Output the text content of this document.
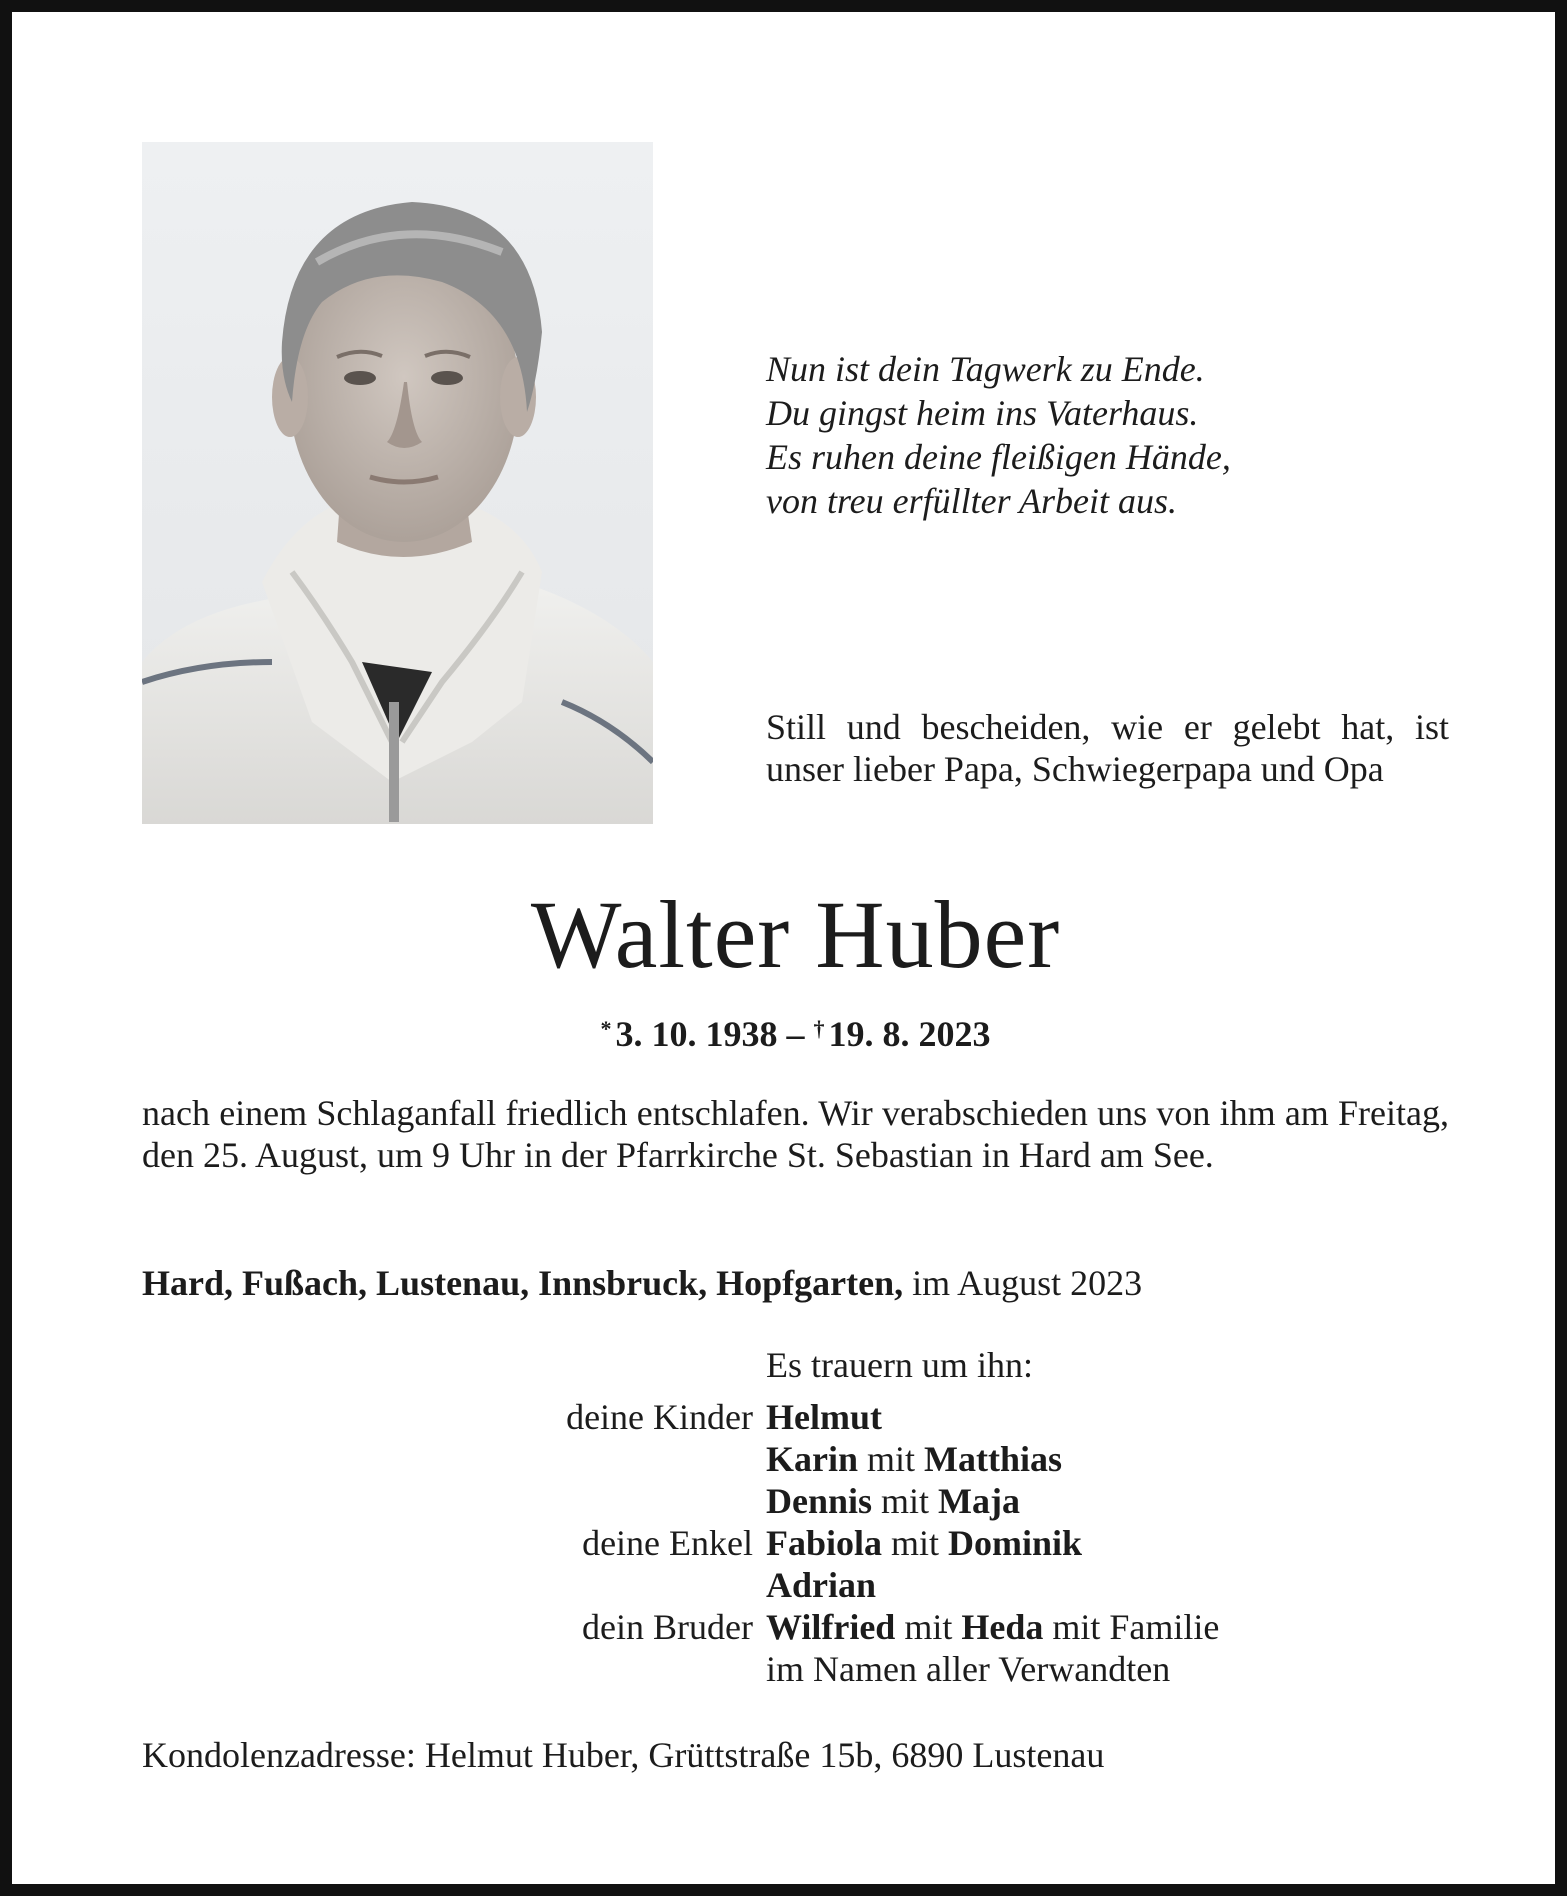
Nun ist dein Tagwerk zu Ende.
Du gingst heim ins Vaterhaus.
Es ruhen deine fleißigen Hände,
von treu erfüllter Arbeit aus.
Still und bescheiden, wie er gelebt hat, ist unser lieber Papa, Schwiegerpapa und Opa
Walter Huber
* 3. 10. 1938 – † 19. 8. 2023
nach einem Schlaganfall friedlich entschlafen. Wir verabschieden uns von ihm am Freitag, den 25. August, um 9 Uhr in der Pfarrkirche St. Sebastian in Hard am See.
Hard, Fußach, Lustenau, Innsbruck, Hopfgarten, im August 2023
Es trauern um ihn:
deine Kinder Helmut
Karin mit Matthias
Dennis mit Maja
deine Enkel Fabiola mit Dominik
Adrian
dein Bruder Wilfried mit Heda mit Familie
im Namen aller Verwandten
Kondolenzadresse: Helmut Huber, Grüttstraße 15b, 6890 Lustenau
